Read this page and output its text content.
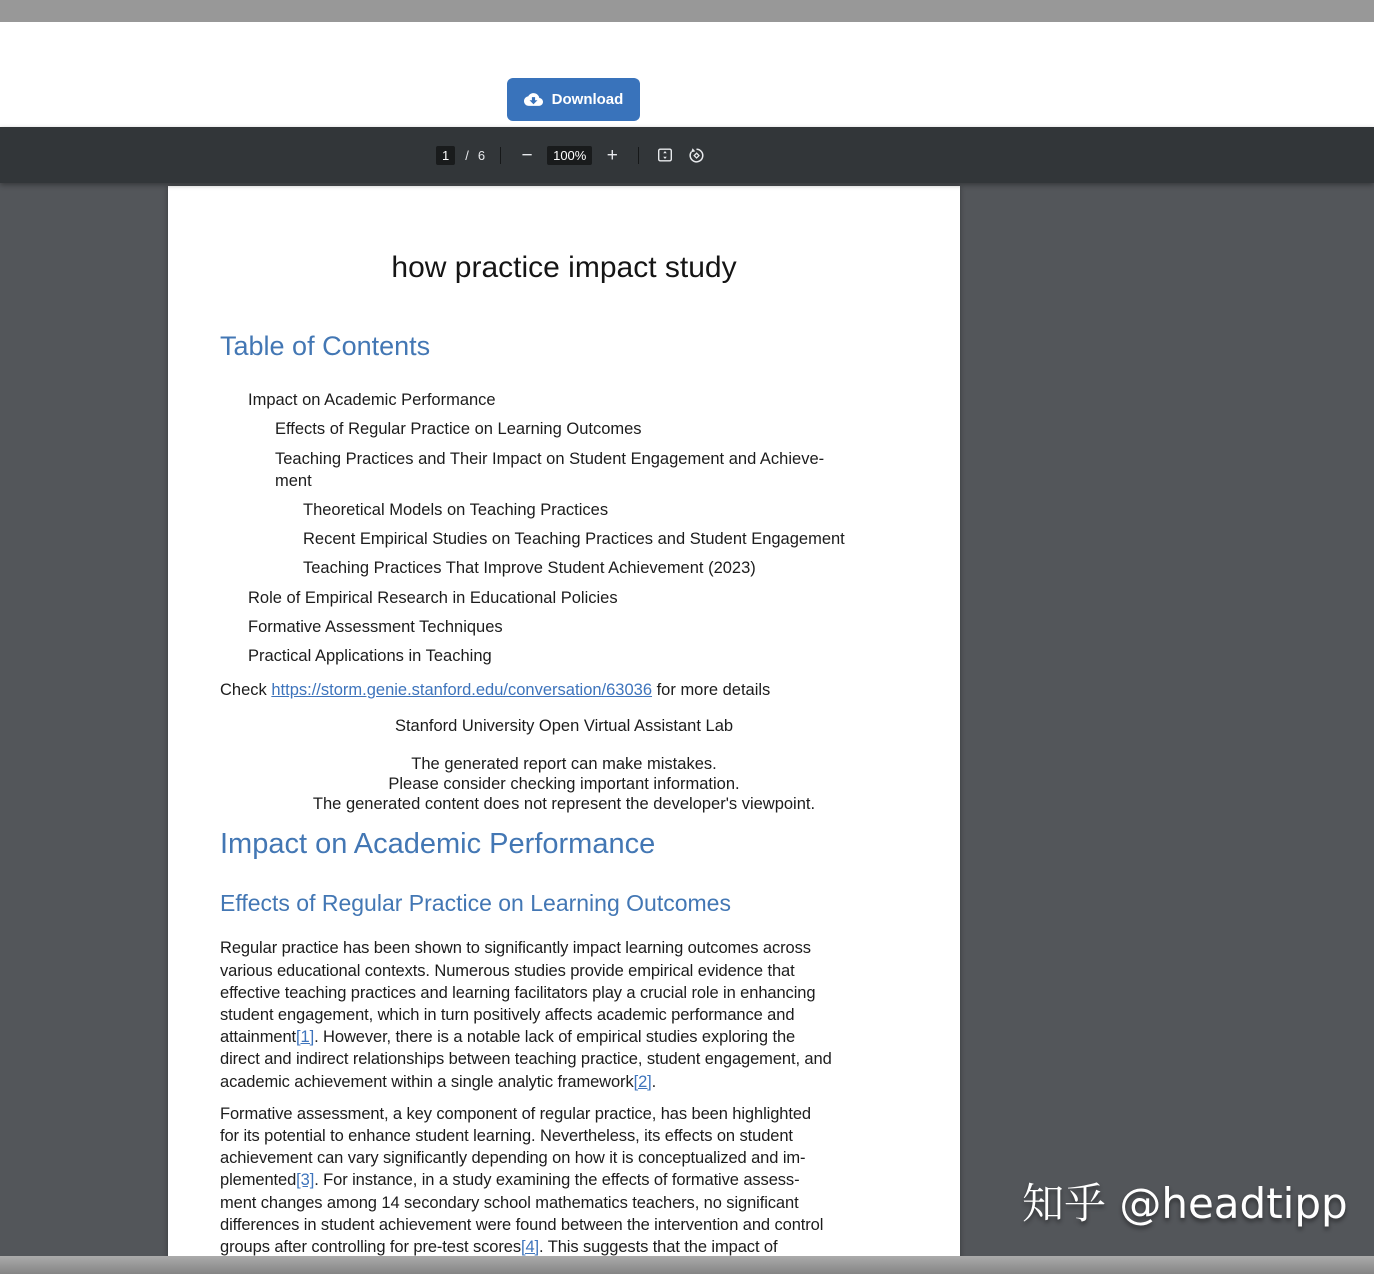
Download
1	/ 6 −	100%	+
how practice impact study
Table of Contents
Impact on Academic Performance
Effects of Regular Practice on Learning Outcomes
Teaching Practices and Their Impact on Student Engagement and Achieve-
ment
Theoretical Models on Teaching Practices
Recent Empirical Studies on Teaching Practices and Student Engagement
Teaching Practices That Improve Student Achievement (2023)
Role of Empirical Research in Educational Policies
Formative Assessment Techniques
Practical Applications in Teaching
Check https://storm.genie.stanford.edu/conversation/63036 for more details
Stanford University Open Virtual Assistant Lab
The generated report can make mistakes.
Please consider checking important information.
The generated content does not represent the developer's viewpoint.
Impact on Academic Performance
Effects of Regular Practice on Learning Outcomes
Regular practice has been shown to significantly impact learning outcomes across
various educational contexts. Numerous studies provide empirical evidence that
effective teaching practices and learning facilitators play a crucial role in enhancing
student engagement, which in turn positively affects academic performance and
attainment[1]. However, there is a notable lack of empirical studies exploring the
direct and indirect relationships between teaching practice, student engagement, and
academic achievement within a single analytic framework[2].
Formative assessment, a key component of regular practice, has been highlighted
for its potential to enhance student learning. Nevertheless, its effects on student
achievement can vary significantly depending on how it is conceptualized and im-
plemented[3]. For instance, in a study examining the effects of formative assess-
ment changes among 14 secondary school mathematics teachers, no significant
differences in student achievement were found between the intervention and control
groups after controlling for pre-test scores[4]. This suggests that the impact of
知乎 @headtipp
